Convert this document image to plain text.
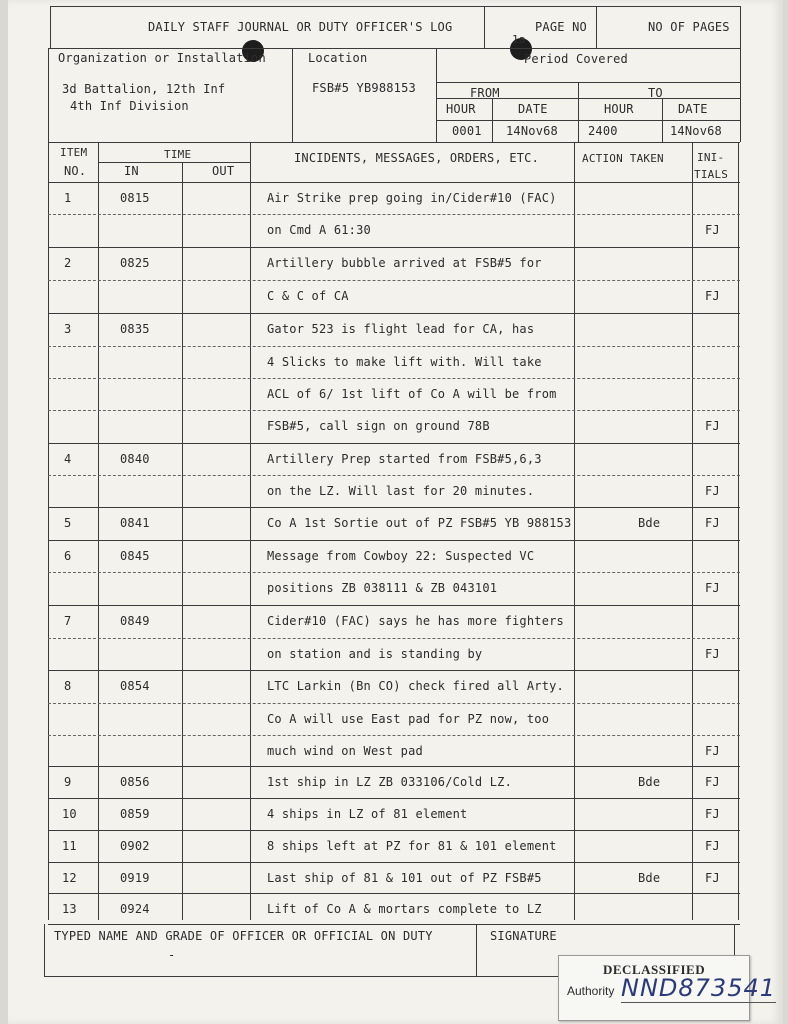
DAILY STAFF JOURNAL OR DUTY OFFICER'S LOG	PAGE NO
1a
NO OF PAGES
Organization or Installation
3d Battalion, 12th Inf
4th Inf Division
Location
FSB#5 YB988153
Period Covered
FROM	TO
HOUR	DATE	HOUR	DATE
0001 14Nov68	2400	14Nov68
ITEM
NO.
TIME
IN	OUT
INCIDENTS, MESSAGES, ORDERS, ETC.	ACTION TAKEN	INI-
TIALS
1	0815	Air Strike prep going in/Cider#10 (FAC)
on Cmd A 61:30	FJ
2	0825	Artillery bubble arrived at FSB#5 for
C & C of CA	FJ
3	0835	Gator 523 is flight lead for CA, has
4 Slicks to make lift with. Will take
ACL of 6/ 1st lift of Co A will be from
FSB#5, call sign on ground 78B	FJ
4	0840	Artillery Prep started from FSB#5,6,3
on the LZ. Will last for 20 minutes.	FJ
5	0841	Co A 1st Sortie out of PZ FSB#5 YB 988153	Bde	FJ
6	0845	Message from Cowboy 22: Suspected VC
positions ZB 038111 & ZB 043101	FJ
7	0849	Cider#10 (FAC) says he has more fighters
on station and is standing by	FJ
8	0854	LTC Larkin (Bn CO) check fired all Arty.
Co A will use East pad for PZ now, too
much wind on West pad	FJ
9	0856	1st ship in LZ ZB 033106/Cold LZ.	Bde	FJ
10	0859	4 ships in LZ of 81 element	FJ
11	0902	8 ships left at PZ for 81 & 101 element	FJ
12	0919	Last ship of 81 & 101 out of PZ FSB#5	Bde	FJ
13	0924	Lift of Co A & mortars complete to LZ
TYPED NAME AND GRADE OF OFFICER OR OFFICIAL ON DUTY	SIGNATURE
-
DECLASSIFIED
Authority NND873541
